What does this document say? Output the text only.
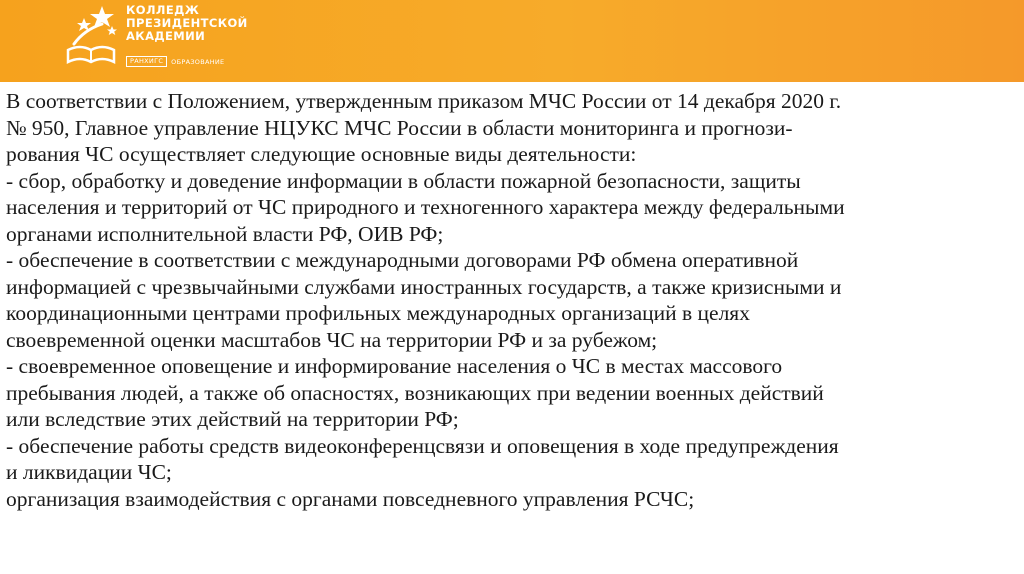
КОЛЛЕДЖ
ПРЕЗИДЕНТСКОЙ
АКАДЕМИИ
РАНХИГС	ОБРАЗОВАНИЕ

В соответствии с Положением, утвержденным приказом МЧС России от 14 декабря 2020 г.

№ 950, Главное управление НЦУКС МЧС России в области мониторинга и прогнози-

рования ЧС осуществляет следующие основные виды деятельности:

- сбор, обработку и доведение информации в области пожарной безопасности, защиты

населения и территорий от ЧС природного и техногенного характера между федеральными

органами исполнительной власти РФ, ОИВ РФ;

- обеспечение в соответствии с международными договорами РФ обмена оперативной

информацией с чрезвычайными службами иностранных государств, а также кризисными и

координационными центрами профильных международных организаций в целях

своевременной оценки масштабов ЧС на территории РФ и за рубежом;

- своевременное оповещение и информирование населения о ЧС в местах массового

пребывания людей, а также об опасностях, возникающих при ведении военных действий

или вследствие этих действий на территории РФ;

- обеспечение работы средств видеоконференцсвязи и оповещения в ходе предупреждения

и ликвидации ЧС;

организация взаимодействия с органами повседневного управления РСЧС;
